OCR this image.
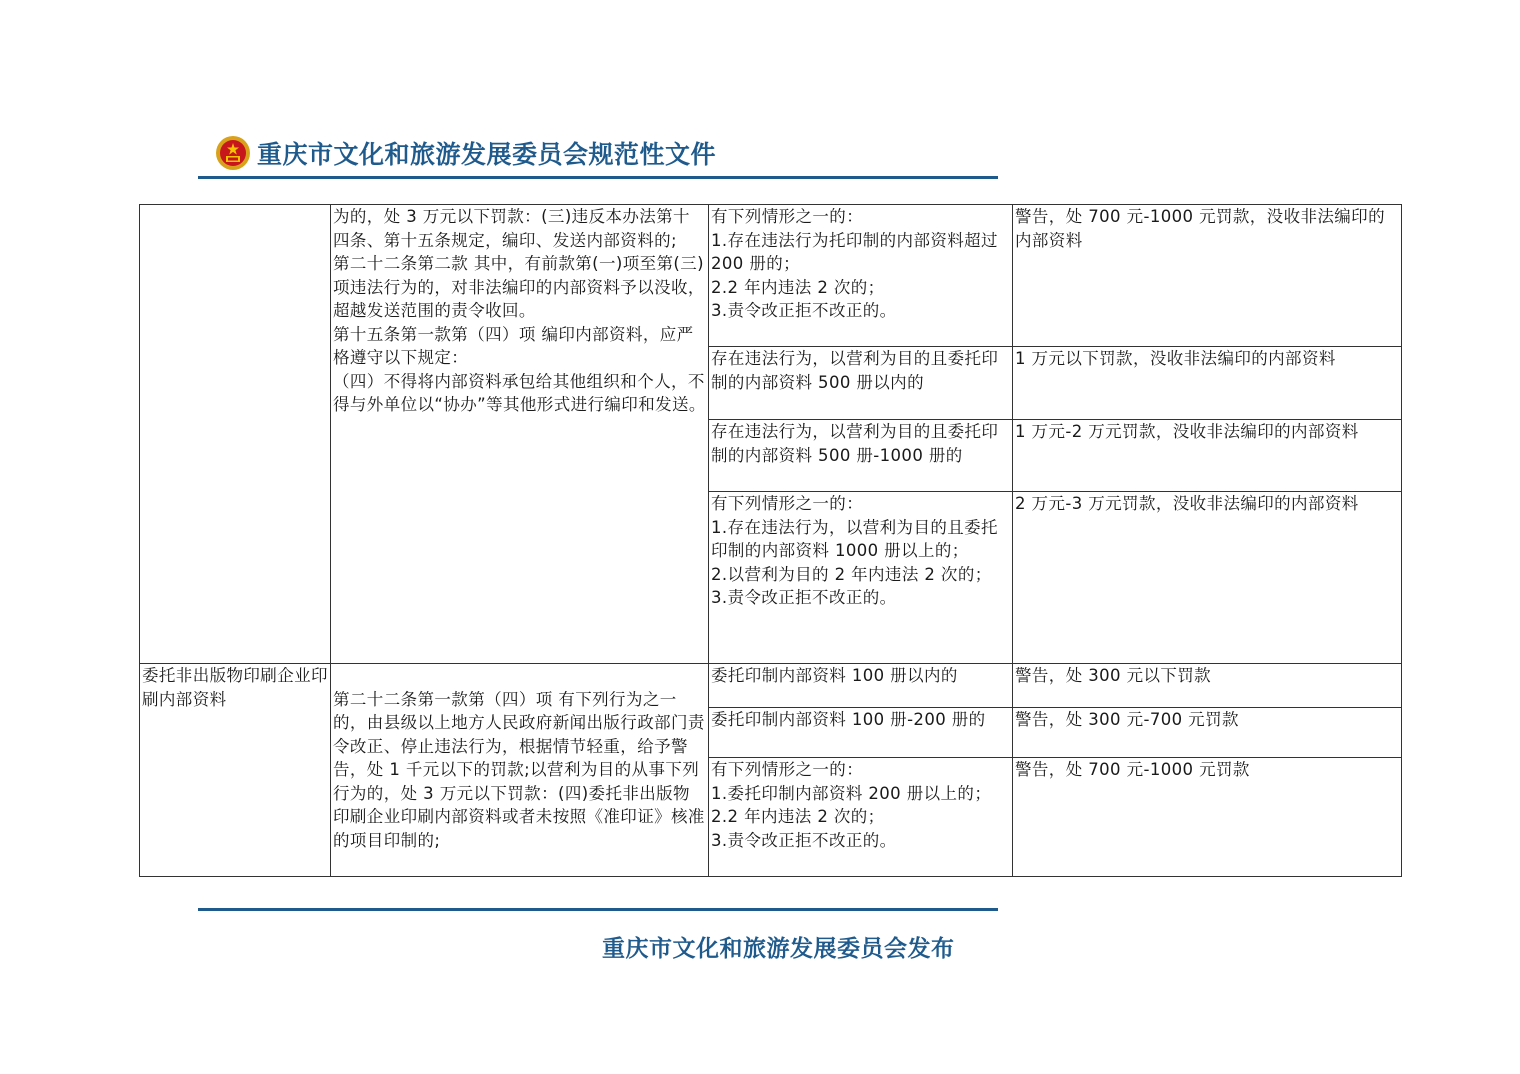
重庆市文化和旅游发展委员会规范性文件

	为的，处 3 万元以下罚款：(三)违反本办法第十四条、第十五条规定，编印、发送内部资料的;
第二十二条第二款 其中，有前款第(一)项至第(三)项违法行为的，对非法编印的内部资料予以没收，超越发送范围的责令收回。
第十五条第一款第（四）项 编印内部资料，应严格遵守以下规定：
（四）不得将内部资料承包给其他组织和个人，不得与外单位以“协办”等其他形式进行编印和发送。	有下列情形之一的：
1.存在违法行为托印制的内部资料超过 200 册的；
2.2 年内违法 2 次的；
3.责令改正拒不改正的。	警告，处 700 元-1000 元罚款，没收非法编印的内部资料

		存在违法行为，以营利为目的且委托印制的内部资料 500 册以内的	1 万元以下罚款，没收非法编印的内部资料

		存在违法行为，以营利为目的且委托印制的内部资料 500 册-1000 册的	1 万元-2 万元罚款，没收非法编印的内部资料

		有下列情形之一的：
1.存在违法行为，以营利为目的且委托印制的内部资料 1000 册以上的；
2.以营利为目的 2 年内违法 2 次的；
3.责令改正拒不改正的。	2 万元-3 万元罚款，没收非法编印的内部资料
委托非出版物印刷企业印刷内部资料	第二十二条第一款第（四）项 有下列行为之一的，由县级以上地方人民政府新闻出版行政部门责令改正、停止违法行为，根据情节轻重，给予警告，处 1 千元以下的罚款;以营利为目的从事下列行为的，处 3 万元以下罚款：(四)委托非出版物印刷企业印刷内部资料或者未按照《准印证》核准的项目印制的;	委托印制内部资料 100 册以内的	警告，处 300 元以下罚款

		委托印制内部资料 100 册-200 册的	警告，处 300 元-700 元罚款

		有下列情形之一的：
1.委托印制内部资料 200 册以上的；
2.2 年内违法 2 次的；
3.责令改正拒不改正的。	警告，处 700 元-1000 元罚款
重庆市文化和旅游发展委员会发布
